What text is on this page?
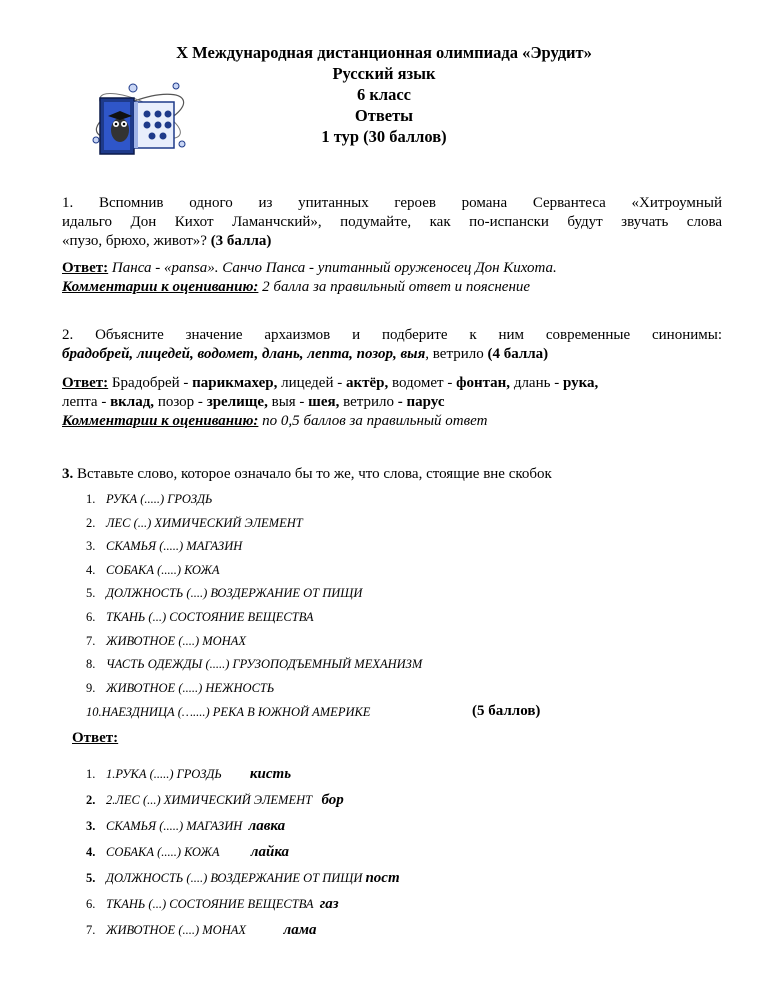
X Международная дистанционная олимпиада «Эрудит»
Русский язык
6 класс
Ответы
1 тур (30 баллов)
1. Вспомнив одного из упитанных героев романа Сервантеса «Хитроумный
идальго Дон Кихот Ламанчский», подумайте, как по-испански будут звучать слова
«пузо, брюхо, живот»? (3 балла)
Ответ: Панса - «pansa». Санчо Панса - упитанный оруженосец Дон Кихота.
Комментарии к оцениванию: 2 балла за правильный ответ и пояснение
2. Объясните значение архаизмов и подберите к ним современные синонимы:
брадобрей, лицедей, водомет, длань, лепта, позор, выя, ветрило (4 балла)
Ответ: Брадобрей - парикмахер, лицедей - актёр, водомет - фонтан, длань - рука,
лепта - вклад, позор - зрелище, выя - шея, ветрило - парус
Комментарии к оцениванию: по 0,5 баллов за правильный ответ
3. Вставьте слово, которое означало бы то же, что слова, стоящие вне скобок
1. РУКА (.....) ГРОЗДЬ
2. ЛЕС (...) ХИМИЧЕСКИЙ ЭЛЕМЕНТ
3. СКАМЬЯ (.....) МАГАЗИН
4. СОБАКА (.....) КОЖА
5. ДОЛЖНОСТЬ (....) ВОЗДЕРЖАНИЕ ОТ ПИЩИ
6. ТКАНЬ (...) СОСТОЯНИЕ ВЕЩЕСТВА
7. ЖИВОТНОЕ (....) МОНАХ
8. ЧАСТЬ ОДЕЖДЫ (.....) ГРУЗОПОДЪЕМНЫЙ МЕХАНИЗМ
9. ЖИВОТНОЕ (.....) НЕЖНОСТЬ
10.НАЕЗДНИЦА (…....) РЕКА В ЮЖНОЙ АМЕРИКЕ	(5 баллов)
Ответ:
1. 1.РУКА (.....) ГРОЗДЬ кисть
2. 2.ЛЕС (...) ХИМИЧЕСКИЙ ЭЛЕМЕНТ бор
3. СКАМЬЯ (.....) МАГАЗИН лавка
4. СОБАКА (.....) КОЖА лайка
5. ДОЛЖНОСТЬ (....) ВОЗДЕРЖАНИЕ ОТ ПИЩИ пост
6. ТКАНЬ (...) СОСТОЯНИЕ ВЕЩЕСТВА газ
7. ЖИВОТНОЕ (....) МОНАХ	лама
